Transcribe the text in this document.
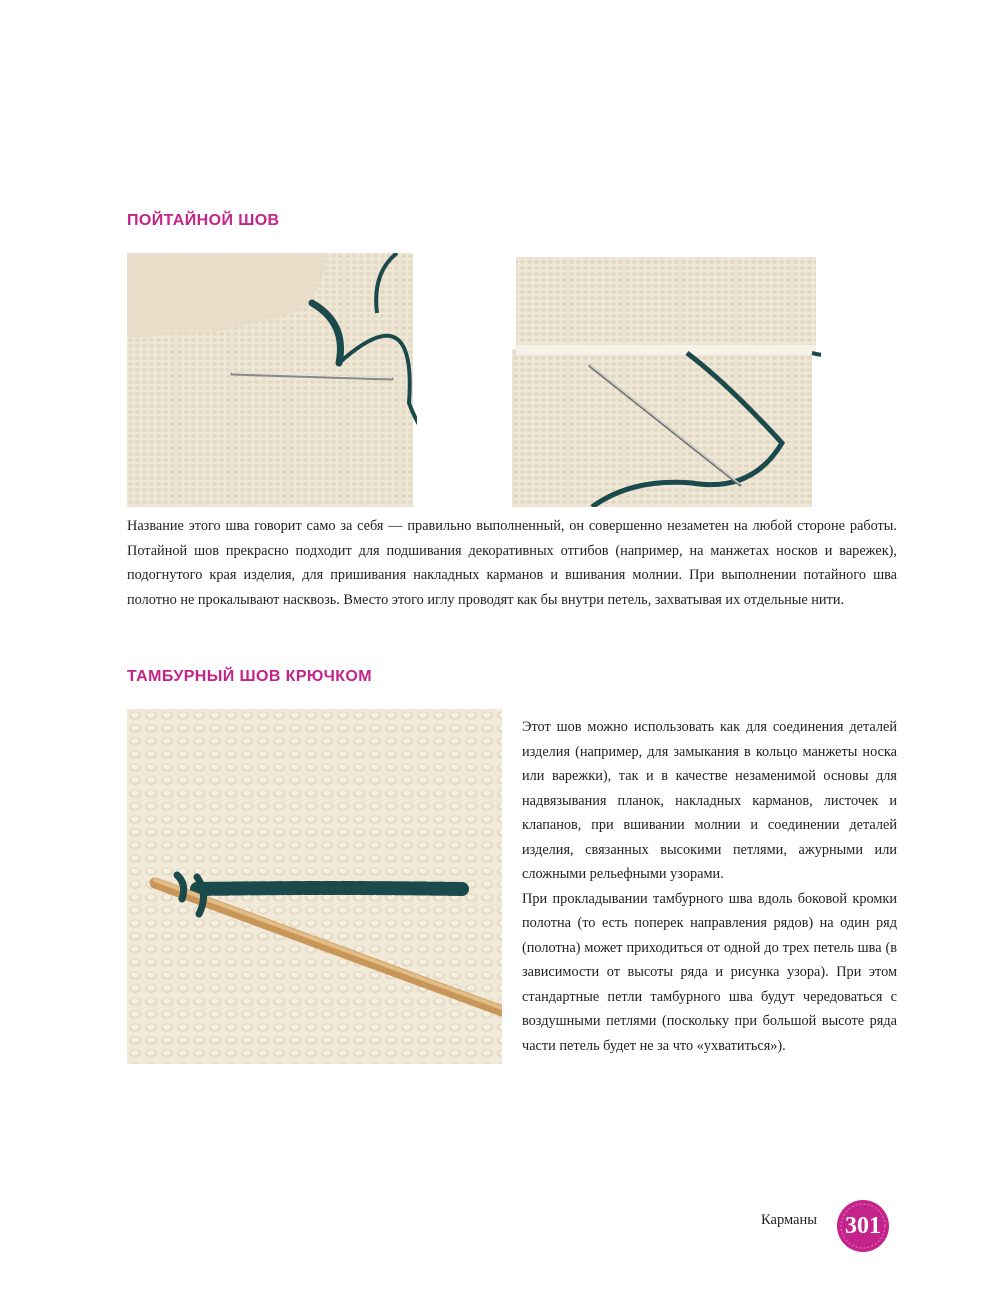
ПОЙТАЙНОЙ ШОВ

Название этого шва говорит само за себя — правильно выполненный, он совершенно незаметен на любой стороне работы. Потайной шов прекрасно подходит для подшивания декоративных отгибов (например, на манжетах носков и варежек), подогнутого края изделия, для пришивания накладных карманов и вшивания молнии. При выполнении потайного шва полотно не прокалывают насквозь. Вместо этого иглу проводят как бы внутри петель, захватывая их отдельные нити.

ТАМБУРНЫЙ ШОВ КРЮЧКОМ

Этот шов можно использовать как для соединения деталей изделия (например, для замыкания в кольцо манжеты носка или варежки), так и в качестве незаменимой основы для надвязывания планок, накладных карманов, листочек и клапанов, при вшивании молнии и соединении деталей изделия, связанных высокими петлями, ажурными или сложными рельефными узорами.

При прокладывании тамбурного шва вдоль боковой кромки полотна (то есть поперек направления рядов) на один ряд (полотна) может приходиться от одной до трех петель шва (в зависимости от высоты ряда и рисунка узора). При этом стандартные петли тамбурного шва будут чередоваться с воздушными петлями (поскольку при большой высоте ряда части петель будет не за что «ухватиться»).

Карманы	301
